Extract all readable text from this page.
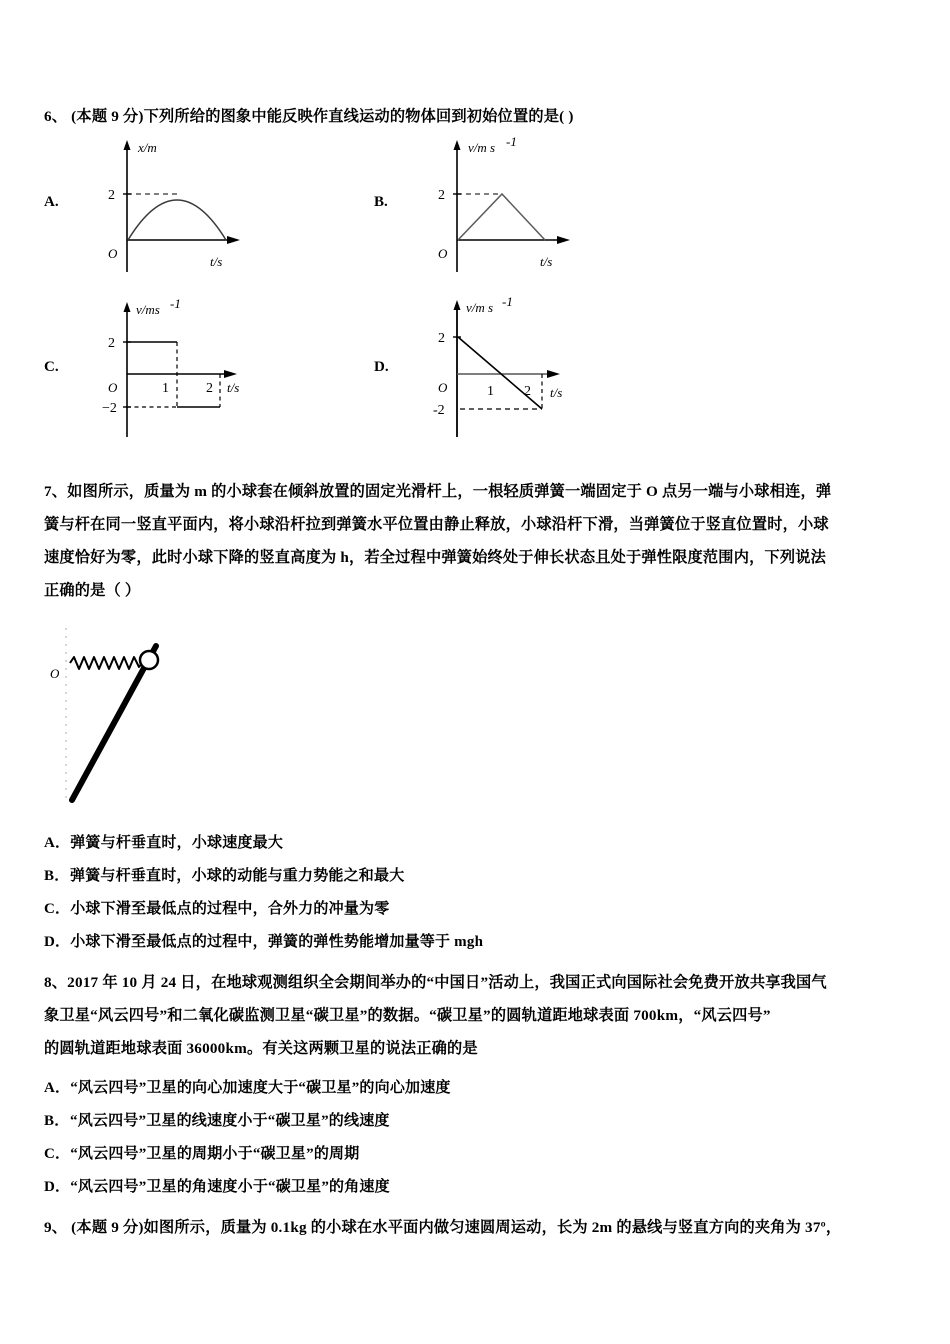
6、 (本题 9 分)下列所给的图象中能反映作直线运动的物体回到初始位置的是( )
A.
x/m
2
O
t/s
B.
v/m s -1
2
O
t/s
C.
v/ms -1
2
−2
O	1	2 t/s
D.
v/m s -1
2
-2
O	1 2 t/s
7、如图所示，质量为 m 的小球套在倾斜放置的固定光滑杆上，一根轻质弹簧一端固定于 O 点另一端与小球相连，弹
簧与杆在同一竖直平面内，将小球沿杆拉到弹簧水平位置由静止释放，小球沿杆下滑，当弹簧位于竖直位置时，小球
速度恰好为零，此时小球下降的竖直高度为 h，若全过程中弹簧始终处于伸长状态且处于弹性限度范围内，下列说法
正确的是（ ）
O
A．弹簧与杆垂直时，小球速度最大
B．弹簧与杆垂直时，小球的动能与重力势能之和最大
C．小球下滑至最低点的过程中，合外力的冲量为零
D．小球下滑至最低点的过程中，弹簧的弹性势能增加量等于 mgh
8、2017 年 10 月 24 日，在地球观测组织全会期间举办的“中国日”活动上，我国正式向国际社会免费开放共享我国气
象卫星“风云四号”和二氧化碳监测卫星“碳卫星”的数据。“碳卫星”的圆轨道距地球表面 700km，“风云四号”
的圆轨道距地球表面 36000km。有关这两颗卫星的说法正确的是
A．“风云四号”卫星的向心加速度大于“碳卫星”的向心加速度
B．“风云四号”卫星的线速度小于“碳卫星”的线速度
C．“风云四号”卫星的周期小于“碳卫星”的周期
D．“风云四号”卫星的角速度小于“碳卫星”的角速度
9、 (本题 9 分)如图所示，质量为 0.1kg 的小球在水平面内做匀速圆周运动，长为 2m 的悬线与竖直方向的夹角为 37º，
